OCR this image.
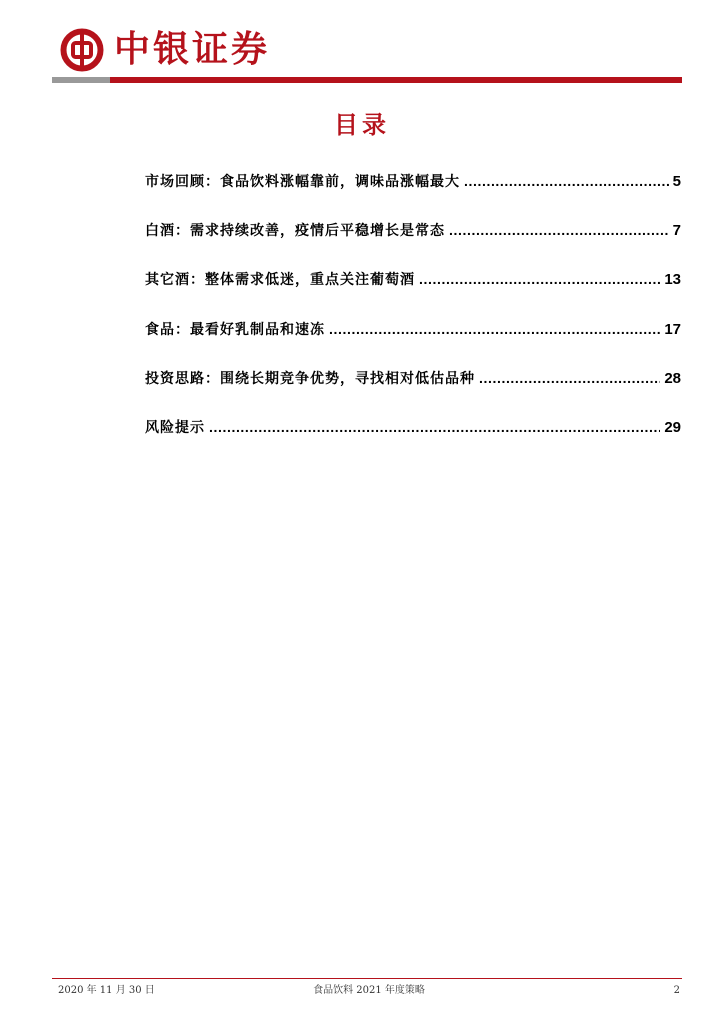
中银证券
目录
市场回顾：食品饮料涨幅靠前，调味品涨幅最大 .....	5
白酒：需求持续改善，疫情后平稳增长是常态 .....	7
其它酒：整体需求低迷，重点关注葡萄酒 .....	13
食品：最看好乳制品和速冻 .....	17
投资思路：围绕长期竞争优势，寻找相对低估品种 .....	28
风险提示 .....	29
2020 年 11 月 30 日	食品饮料 2021 年度策略	2
